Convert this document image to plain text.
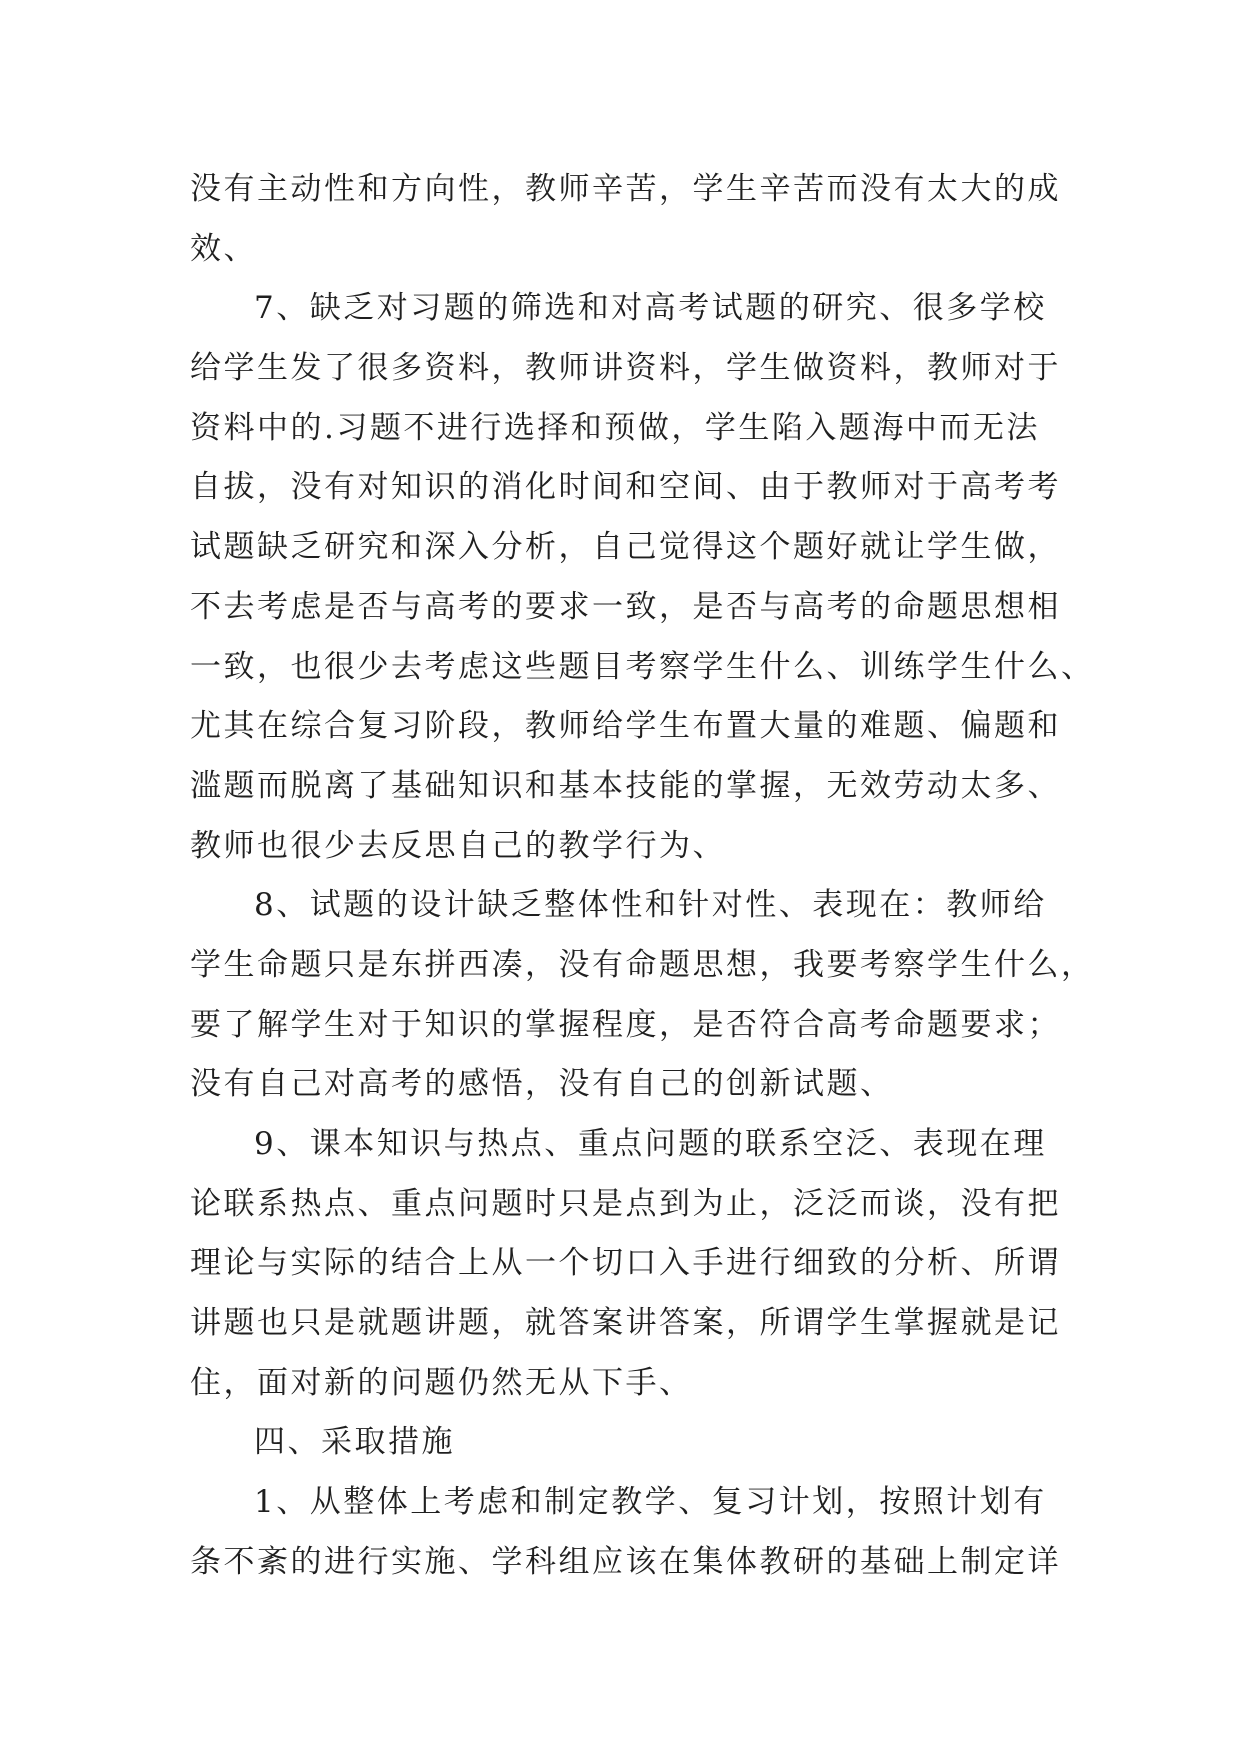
没有主动性和方向性，教师辛苦，学生辛苦而没有太大的成
效、
7、缺乏对习题的筛选和对高考试题的研究、很多学校
给学生发了很多资料，教师讲资料，学生做资料，教师对于
资料中的.习题不进行选择和预做，学生陷入题海中而无法
自拔，没有对知识的消化时间和空间、由于教师对于高考考
试题缺乏研究和深入分析，自己觉得这个题好就让学生做，
不去考虑是否与高考的要求一致，是否与高考的命题思想相
一致，也很少去考虑这些题目考察学生什么、训练学生什么、
尤其在综合复习阶段，教师给学生布置大量的难题、偏题和
滥题而脱离了基础知识和基本技能的掌握，无效劳动太多、
教师也很少去反思自己的教学行为、
8、试题的设计缺乏整体性和针对性、表现在：教师给
学生命题只是东拼西凑，没有命题思想，我要考察学生什么，
要了解学生对于知识的掌握程度，是否符合高考命题要求；
没有自己对高考的感悟，没有自己的创新试题、
9、课本知识与热点、重点问题的联系空泛、表现在理
论联系热点、重点问题时只是点到为止，泛泛而谈，没有把
理论与实际的结合上从一个切口入手进行细致的分析、所谓
讲题也只是就题讲题，就答案讲答案，所谓学生掌握就是记
住，面对新的问题仍然无从下手、
四、采取措施
1、从整体上考虑和制定教学、复习计划，按照计划有
条不紊的进行实施、学科组应该在集体教研的基础上制定详
